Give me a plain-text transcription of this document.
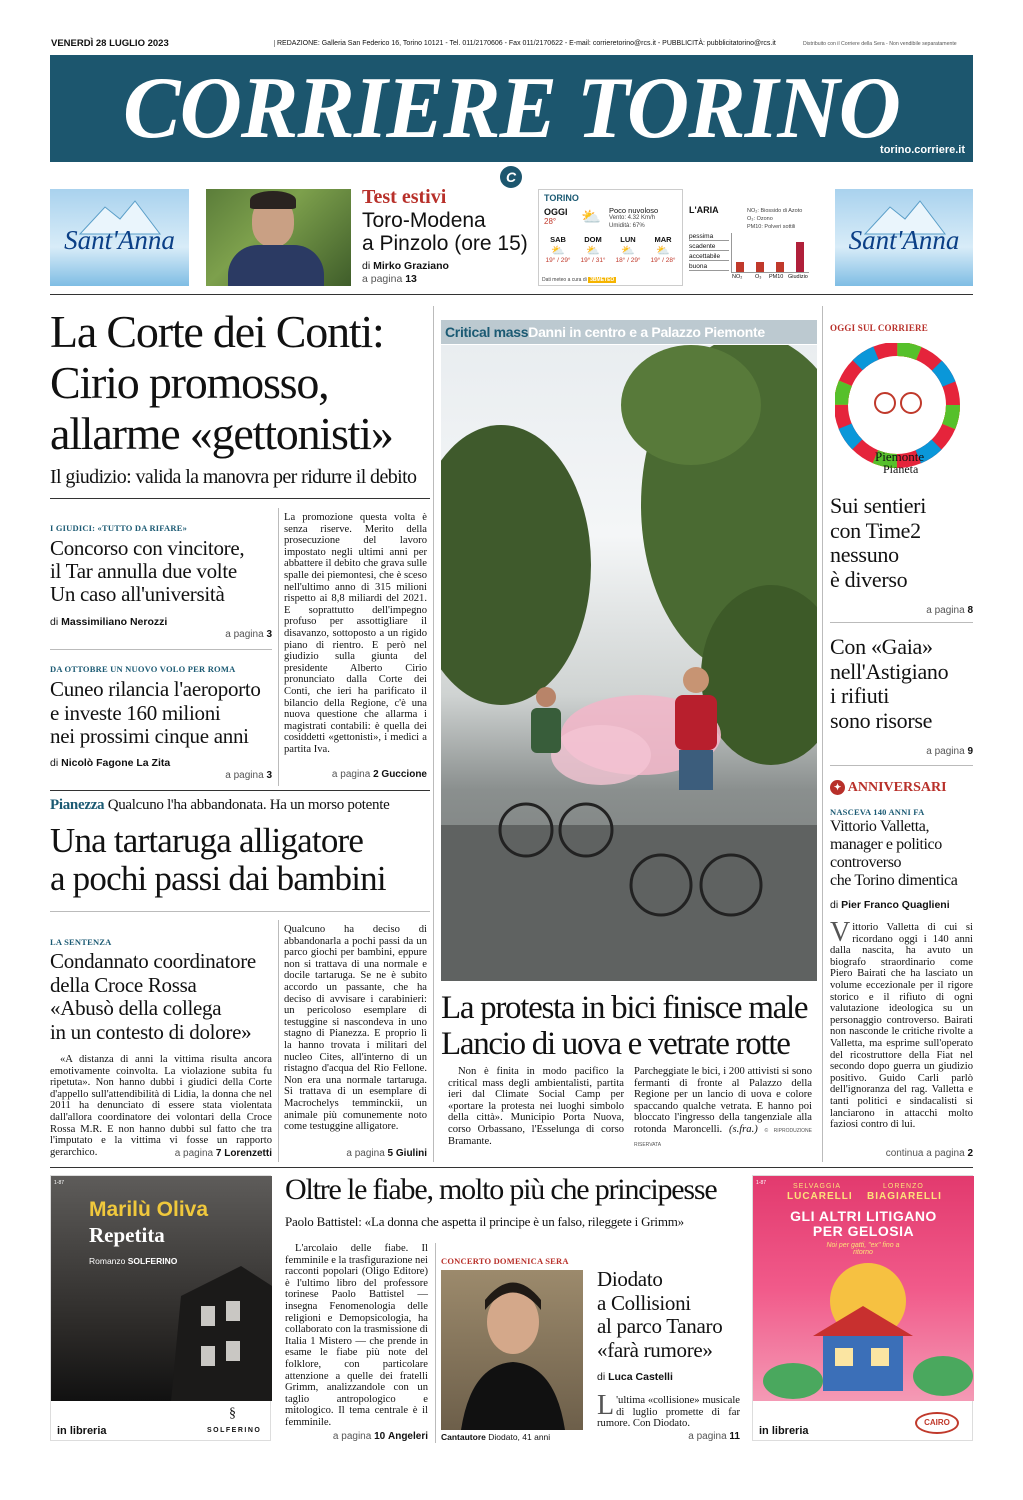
VENERDÌ 28 LUGLIO 2023	REDAZIONE: Galleria San Federico 16, Torino 10121 - Tel. 011/2170606 - Fax 011/2170622 - E-mail: corrieretorino@rcs.it - PUBBLICITÀ: pubblicitatorino@rcs.it	Distribuito con il Corriere della Sera - Non vendibile separatamente
CORRIERE TORINO
torino.corriere.it
C
Sant'Anna	Sant'Anna
Test estivi
Toro-Modena
a Pinzolo (ore 15)
di Mirko Graziano
a pagina 13
TORINO
OGGI
28° ⛅ Poco nuvoloso
Vento: 4.32 Km/h
Umidità: 67%
SAB
⛅
19° / 29°
DOM
⛅
19° / 31°
LUN
⛅
18° / 29°
MAR
⛅
19° / 28°
Dati meteo a cura di 3BMETEO
L'ARIA	NO₂: Biossido di Azoto
O₃: Ozono
PM10: Polveri sottili
pessima
scadente
accettabile
buona
NO₂ O₃ PM10 Giudizio
La Corte dei Conti:
Cirio promosso,
allarme «gettonisti»
Il giudizio: valida la manovra per ridurre il debito
La promozione questa volta è senza riserve. Merito della prosecuzione del lavoro impostato negli ultimi anni per abbattere il debito che grava sulle spalle dei piemontesi, che è sceso nell'ultimo anno di 315 milioni rispetto ai 8,8 miliardi del 2021. E soprattutto dell'impegno profuso per assottigliare il disavanzo, sottoposto a un rigido piano di rientro. E però nel giudizio sulla giunta del presidente Alberto Cirio pronunciato dalla Corte dei Conti, che ieri ha parificato il bilancio della Regione, c'è una nuova questione che allarma i magistrati contabili: è quella dei cosiddetti «gettonisti», i medici a partita Iva.
a pagina 2 Guccione
I GIUDICI: «TUTTO DA RIFARE»
Concorso con vincitore,
il Tar annulla due volte
Un caso all'università
di Massimiliano Nerozzi
a pagina 3
DA OTTOBRE UN NUOVO VOLO PER ROMA
Cuneo rilancia l'aeroporto
e investe 160 milioni
nei prossimi cinque anni
di Nicolò Fagone La Zita
a pagina 3
Pianezza Qualcuno l'ha abbandonata. Ha un morso potente
Una tartaruga alligatore
a pochi passi dai bambini
Qualcuno ha deciso di abbandonarla a pochi passi da un parco giochi per bambini, eppure non si trattava di una normale e docile tartaruga. Se ne è subito accordo un passante, che ha deciso di avvisare i carabinieri: un pericoloso esemplare di testuggine si nascondeva in uno stagno di Pianezza. E proprio lì la hanno trovata i militari del nucleo Cites, all'interno di un ristagno d'acqua del Rio Fellone. Non era una normale tartaruga. Si trattava di un esemplare di Macrochelys temminckii, un animale più comunemente noto come testuggine alligatore.
a pagina 5 Giulini
LA SENTENZA
Condannato coordinatore
della Croce Rossa
«Abusò della collega
in un contesto di dolore»
«A distanza di anni la vittima risulta ancora emotivamente coinvolta. La violazione subita fu ripetuta». Non hanno dubbi i giudici della Corte d'appello sull'attendibilità di Lidia, la donna che nel 2011 ha denunciato di essere stata violentata dall'allora coordinatore dei volontari della Croce Rossa M.R. E non hanno dubbi sul fatto che tra l'imputato e la vittima vi fosse un rapporto gerarchico.	a pagina 7 Lorenzetti
Critical massDanni in centro e a Palazzo Piemonte
La protesta in bici finisce male
Lancio di uova e vetrate rotte
Non è finita in modo pacifico la critical mass degli ambientalisti, partita ieri dal Climate Social Camp per «portare la protesta nei luoghi simbolo della città». Municipio Porta Nuova, corso Orbassano, l'Esselunga di corso Bramante.
Parcheggiate le bici, i 200 attivisti si sono fermanti di fronte al Palazzo della Regione per un lancio di uova e colore spaccando qualche vetrata. E hanno poi bloccato l'ingresso della tangenziale alla rotonda Maroncelli. (s.fra.) © RIPRODUZIONE RISERVATA
OGGI SUL CORRIERE
Piemonte
Pianeta
Sui sentieri
con Time2
nessuno
è diverso
a pagina 8
Con «Gaia»
nell'Astigiano
i rifiuti
sono risorse
a pagina 9
✦ ANNIVERSARI
NASCEVA 140 ANNI FA
Vittorio Valletta,
manager e politico
controverso
che Torino dimentica
di Pier Franco Quaglieni
Vittorio Valletta di cui si ricordano oggi i 140 anni dalla nascita, ha avuto un biografo straordinario come Piero Bairati che ha lasciato un volume eccezionale per il rigore storico e il rifiuto di ogni valutazione ideologica su un personaggio controverso. Bairati non nasconde le critiche rivolte a Valletta, ma esprime sull'operato del ricostruttore della Fiat nel secondo dopo guerra un giudizio positivo. Guido Carli parlò dell'ignoranza del rag. Valletta e tanti politici e sindacalisti si lanciarono in attacchi molto faziosi contro di lui.
continua a pagina 2
1-87
Marilù Oliva
Repetita
Romanzo SOLFERINO
in libreria
§
SOLFERINO
Oltre le fiabe, molto più che principesse
Paolo Battistel: «La donna che aspetta il principe è un falso, rileggete i Grimm»
L'arcolaio delle fiabe. Il femminile e la trasfigurazione nei racconti popolari (Oligo Editore) è l'ultimo libro del professore torinese Paolo Battistel — insegna Fenomenologia delle religioni e Demopsicologia, ha collaborato con la trasmissione di Italia 1 Mistero — che prende in esame le fiabe più note del folklore, con particolare attenzione a quelle dei fratelli Grimm, analizzandole con un taglio antropologico e mitologico. Il tema centrale è il femminile.
a pagina 10 Angeleri
CONCERTO DOMENICA SERA
Cantautore Diodato, 41 anni
Diodato
a Collisioni
al parco Tanaro
«farà rumore»
di Luca Castelli
L 'ultima «collisione» musicale di luglio promette di far rumore. Con Diodato.
a pagina 11
1-87	SELVAGGIA
LUCARELLI
LORENZO
BIAGIARELLI
GLI ALTRI LITIGANO
PER GELOSIA
Noi per gatti, "ex" fino a ritorno
in libreria
CAIRO
